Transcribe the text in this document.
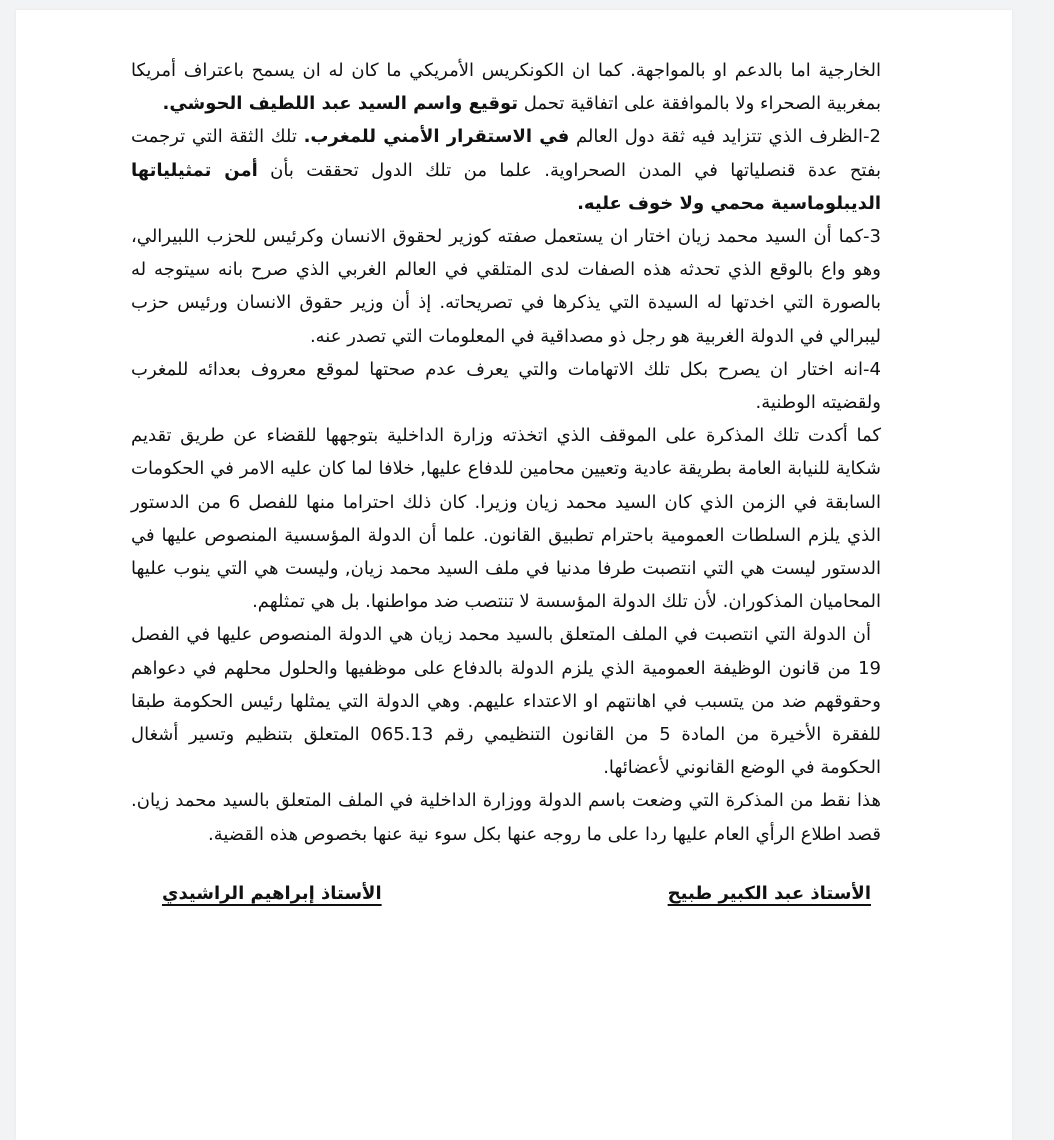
الخارجية اما بالدعم او بالمواجهة. كما ان الكونكريس الأمريكي ما كان له ان يسمح باعتراف أمريكا بمغربية الصحراء ولا بالموافقة على اتفاقية تحمل توقيع واسم السيد عبد اللطيف الحوشي.

2-الظرف الذي تتزايد فيه ثقة دول العالم في الاستقرار الأمني للمغرب. تلك الثقة التي ترجمت بفتح عدة قنصلياتها في المدن الصحراوية. علما من تلك الدول تحققت بأن أمن تمثيلياتها الديبلوماسية محمي ولا خوف عليه.

3-كما أن السيد محمد زيان اختار ان يستعمل صفته كوزير لحقوق الانسان وكرئيس للحزب اللبيرالي، وهو واع بالوقع الذي تحدثه هذه الصفات لدى المتلقي في العالم الغربي الذي صرح بانه سيتوجه له بالصورة التي اخدتها له السيدة التي يذكرها في تصريحاته. إذ أن وزير حقوق الانسان ورئيس حزب ليبرالي في الدولة الغربية هو رجل ذو مصداقية في المعلومات التي تصدر عنه.

4-انه اختار ان يصرح بكل تلك الاتهامات والتي يعرف عدم صحتها لموقع معروف بعدائه للمغرب ولقضيته الوطنية.

كما أكدت تلك المذكرة على الموقف الذي اتخذته وزارة الداخلية بتوجهها للقضاء عن طريق تقديم شكاية للنيابة العامة بطريقة عادية وتعيين محامين للدفاع عليها, خلافا لما كان عليه الامر في الحكومات السابقة في الزمن الذي كان السيد محمد زيان وزيرا. كان ذلك احتراما منها للفصل 6 من الدستور الذي يلزم السلطات العمومية باحترام تطبيق القانون. علما أن الدولة المؤسسية المنصوص عليها في الدستور ليست هي التي انتصبت طرفا مدنيا في ملف السيد محمد زيان, وليست هي التي ينوب عليها المحاميان المذكوران. لأن تلك الدولة المؤسسة لا تنتصب ضد مواطنها. بل هي تمثلهم.

أن الدولة التي انتصبت في الملف المتعلق بالسيد محمد زيان هي الدولة المنصوص عليها في الفصل 19 من قانون الوظيفة العمومية الذي يلزم الدولة بالدفاع على موظفيها والحلول محلهم في دعواهم وحقوقهم ضد من يتسبب في اهانتهم او الاعتداء عليهم. وهي الدولة التي يمثلها رئيس الحكومة طبقا للفقرة الأخيرة من المادة 5 من القانون التنظيمي رقم 065.13 المتعلق بتنظيم وتسير أشغال الحكومة في الوضع القانوني لأعضائها.

هذا نقط من المذكرة التي وضعت باسم الدولة ووزارة الداخلية في الملف المتعلق بالسيد محمد زيان. قصد اطلاع الرأي العام عليها ردا على ما روجه عنها بكل سوء نية عنها بخصوص هذه القضية.

الأستاذ عبد الكبير طبيح
الأستاذ إبراهيم الراشيدي
